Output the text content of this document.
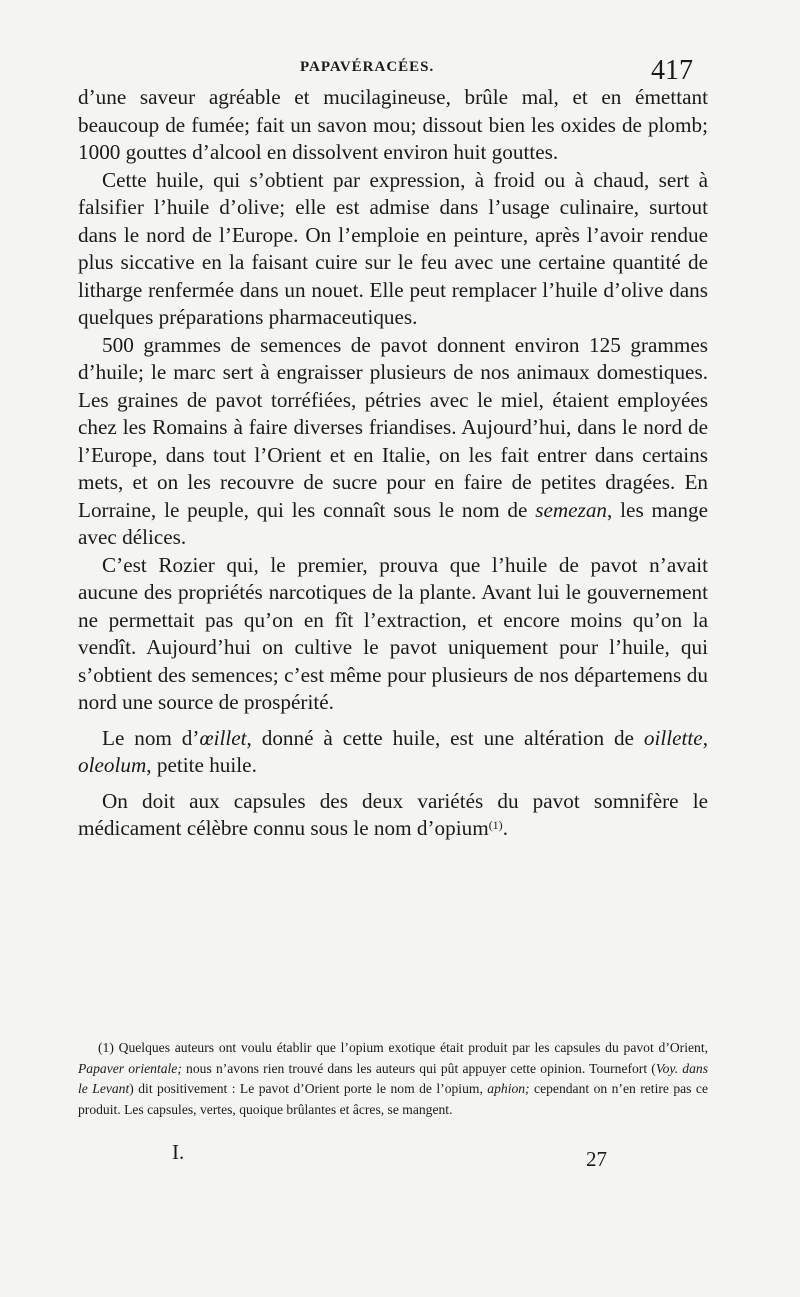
PAPAVÉRACÉES.	417

d’une saveur agréable et mucilagineuse, brûle mal, et en émettant beaucoup de fumée; fait un savon mou; dissout bien les oxides de plomb; 1000 gouttes d’alcool en dissolvent environ huit gouttes.

Cette huile, qui s’obtient par expression, à froid ou à chaud, sert à falsifier l’huile d’olive; elle est admise dans l’usage culinaire, surtout dans le nord de l’Europe. On l’emploie en peinture, après l’avoir rendue plus siccative en la faisant cuire sur le feu avec une certaine quantité de litharge renfermée dans un nouet. Elle peut remplacer l’huile d’olive dans quelques préparations pharmaceutiques.

500 grammes de semences de pavot donnent environ 125 grammes d’huile; le marc sert à engraisser plusieurs de nos animaux domestiques. Les graines de pavot torréfiées, pétries avec le miel, étaient employées chez les Romains à faire diverses friandises. Aujourd’hui, dans le nord de l’Europe, dans tout l’Orient et en Italie, on les fait entrer dans certains mets, et on les recouvre de sucre pour en faire de petites dragées. En Lorraine, le peuple, qui les connaît sous le nom de semezan, les mange avec délices.

C’est Rozier qui, le premier, prouva que l’huile de pavot n’avait aucune des propriétés narcotiques de la plante. Avant lui le gouvernement ne permettait pas qu’on en fît l’extraction, et encore moins qu’on la vendît. Aujourd’hui on cultive le pavot uniquement pour l’huile, qui s’obtient des semences; c’est même pour plusieurs de nos départemens du nord une source de prospérité.

Le nom d’œillet, donné à cette huile, est une altération de oillette, oleolum, petite huile.

On doit aux capsules des deux variétés du pavot somnifère le médicament célèbre connu sous le nom d’opium$^{(1)}$.

(1) Quelques auteurs ont voulu établir que l’opium exotique était produit par les capsules du pavot d’Orient, Papaver orientale; nous n’avons rien trouvé dans les auteurs qui pût appuyer cette opinion. Tournefort (Voy. dans le Levant) dit positivement : Le pavot d’Orient porte le nom de l’opium, aphion; cependant on n’en retire pas ce produit. Les capsules, vertes, quoique brûlantes et âcres, se mangent.
I.	27
